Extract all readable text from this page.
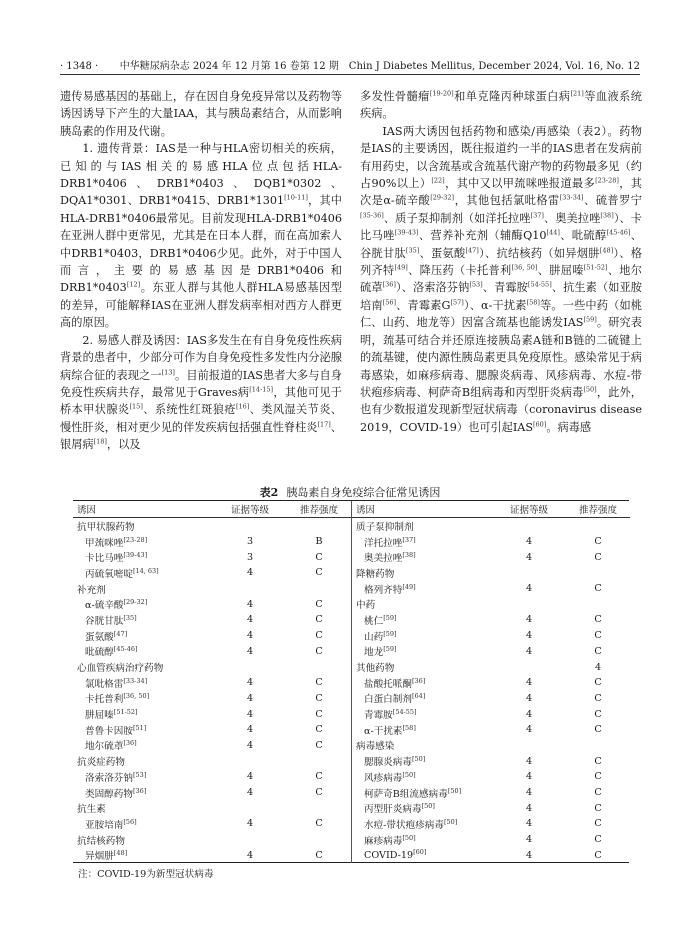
· 1348 · 中华糖尿病杂志 2024 年 12 月第 16 卷第 12 期　Chin J Diabetes Mellitus, December 2024, Vol. 16, No. 12

遗传易感基因的基础上，存在因自身免疫异常以及药物等诱因诱导下产生的大量IAA，其与胰岛素结合，从而影响胰岛素的作用及代谢。

1. 遗传背景：IAS是一种与HLA密切相关的疾病，已知的与IAS相关的易感HLA位点包括HLA-DRB1*0406、DRB1*0403、DQB1*0302、DQA1*0301、DRB1*0415、DRB1*1301[10-11]，其中HLA-DRB1*0406最常见。目前发现HLA-DRB1*0406在亚洲人群中更常见，尤其是在日本人群，而在高加索人中DRB1*0403，DRB1*0406少见。此外，对于中国人而言，主要的易感基因是DRB1*0406和DRB1*0403[12]。东亚人群与其他人群HLA易感基因型的差异，可能解释IAS在亚洲人群发病率相对西方人群更高的原因。

2. 易感人群及诱因：IAS多发生在有自身免疫性疾病背景的患者中，少部分可作为自身免疫性多发性内分泌腺病综合征的表现之一[13]。目前报道的IAS患者大多与自身免疫性疾病共存，最常见于Graves病[14-15]，其他可见于桥本甲状腺炎[15]、系统性红斑狼疮[16]、类风湿关节炎、慢性肝炎，相对更少见的伴发疾病包括强直性脊柱炎[17]、银屑病[18]，以及

多发性骨髓瘤[19-20]和单克隆丙种球蛋白病[21]等血液系统疾病。

IAS两大诱因包括药物和感染/再感染（表2）。药物是IAS的主要诱因，既往报道约一半的IAS患者在发病前有用药史，以含巯基或含巯基代谢产物的药物最多见（约占90%以上）[22]，其中又以甲巯咪唑报道最多[23-28]，其次是α-硫辛酸[29-32]，其他包括氯吡格雷[33-34]、硫普罗宁[35-36]、质子泵抑制剂（如洋托拉唑[37]、奥美拉唑[38]）、卡比马唑[39-43]、营养补充剂（辅酶Q10[44]、吡硫醇[45-46]、谷胱甘肽[35]、蛋氨酸[47]）、抗结核药（如异烟肼[48]）、格列齐特[49]、降压药（卡托普利[36, 50]、肼屈嗪[51-52]、地尔硫䓬[36]）、洛索洛芬钠[53]、青霉胺[54-55]、抗生素（如亚胺培南[56]、青霉素G[57]）、α-干扰素[58]等。一些中药（如桃仁、山药、地龙等）因富含巯基也能诱发IAS[59]。研究表明，巯基可结合并还原连接胰岛素A链和B链的二硫键上的巯基键，使内源性胰岛素更具免疫原性。感染常见于病毒感染，如麻疹病毒、腮腺炎病毒、风疹病毒、水痘-带状疱疹病毒、柯萨奇B组病毒和丙型肝炎病毒[50]，此外，也有少数报道发现新型冠状病毒（coronavirus disease 2019，COVID-19）也可引起IAS[60]。病毒感

表2 胰岛素自身免疫综合征常见诱因
诱因	证据等级	推荐强度
抗甲状腺药物
甲巯咪唑[23-28]	3	B
卡比马唑[39-43]	3	C
丙硫氧嘧啶[14, 63]	4	C
补充剂
α-硫辛酸[29-32]	4	C
谷胱甘肽[35]	4	C
蛋氨酸[47]	4	C
吡硫醇[45-46]	4	C
心血管疾病治疗药物
氯吡格雷[33-34]	4	C
卡托普利[36, 50]	4	C
肼屈嗪[51-52]	4	C
普鲁卡因胺[51]	4	C
地尔硫䓬[36]	4	C
抗炎症药物
洛索洛芬钠[53]	4	C
类固醇药物[36]	4	C
抗生素
亚胺培南[56]	4	C
抗结核药物
异烟肼[48]	4	C
诱因	证据等级	推荐强度
质子泵抑制剂
洋托拉唑[37]	4	C
奥美拉唑[38]	4	C
降糖药物
格列齐特[49]	4	C
中药
桃仁[59]	4	C
山药[59]	4	C
地龙[59]	4	C
其他药物	4
盐酸托哌酮[36]	4	C
白蛋白制剂[64]	4	C
青霉胺[54-55]	4	C
α-干扰素[58]	4	C
病毒感染
腮腺炎病毒[50]	4	C
风疹病毒[50]	4	C
柯萨奇B组流感病毒[50]	4	C
丙型肝炎病毒[50]	4	C
水痘-带状疱疹病毒[50]	4	C
麻疹病毒[50]	4	C
COVID-19[60]	4	C
注：COVID-19为新型冠状病毒
